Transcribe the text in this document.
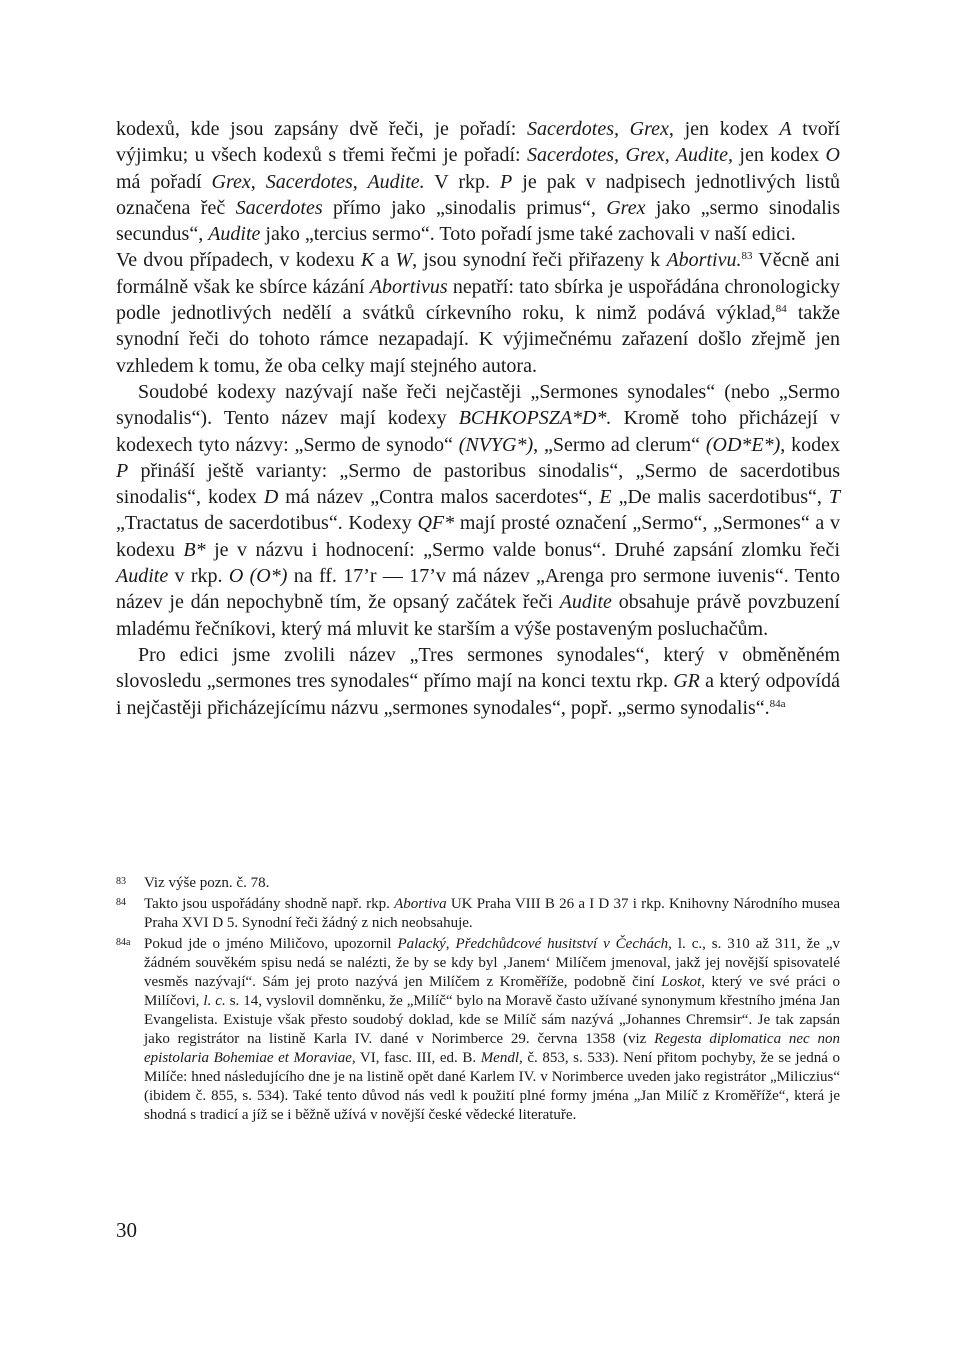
kodexů, kde jsou zapsány dvě řeči, je pořadí: Sacerdotes, Grex, jen kodex A tvoří výjimku; u všech kodexů s třemi řečmi je pořadí: Sacerdotes, Grex, Audite, jen kodex O má pořadí Grex, Sacerdotes, Audite. V rkp. P je pak v nadpisech jednotlivých listů označena řeč Sacerdotes přímo jako „sinodalis primus“, Grex jako „sermo sinodalis secundus“, Audite jako „tercius sermo“. Toto pořadí jsme také zachovali v naší edici.

Ve dvou případech, v kodexu K a W, jsou synodní řeči přiřazeny k Abortivu.$^{83}$ Věcně ani formálně však ke sbírce kázání Abortivus nepatří: tato sbírka je uspořádána chronologicky podle jednotlivých nedělí a svátků církevního roku, k nimž podává výklad,$^{84}$ takže synodní řeči do tohoto rámce nezapadají. K výjimečnému zařazení došlo zřejmě jen vzhledem k tomu, že oba celky mají stejného autora.

Soudobé kodexy nazývají naše řeči nejčastěji „Sermones synodales“ (nebo „Sermo synodalis“). Tento název mají kodexy BCHKOPSZA*D*. Kromě toho přicházejí v kodexech tyto názvy: „Sermo de synodo“ (NVYG*), „Sermo ad clerum“ (OD*E*), kodex P přináší ještě varianty: „Sermo de pastoribus sinodalis“, „Sermo de sacerdotibus sinodalis“, kodex D má název „Contra malos sacerdotes“, E „De malis sacerdotibus“, T „Tractatus de sacerdotibus“. Kodexy QF* mají prosté označení „Sermo“, „Sermones“ a v kodexu B* je v názvu i hodnocení: „Sermo valde bonus“. Druhé zapsání zlomku řeči Audite v rkp. O (O*) na ff. 17’r — 17’v má název „Arenga pro sermone iuvenis“. Tento název je dán nepochybně tím, že opsaný začátek řeči Audite obsahuje právě povzbuzení mladému řečníkovi, který má mluvit ke starším a výše postaveným posluchačům.

Pro edici jsme zvolili název „Tres sermones synodales“, který v obměněném slovosledu „sermones tres synodales“ přímo mají na konci textu rkp. GR a který odpovídá i nejčastěji přicházejícímu názvu „sermones synodales“, popř. „sermo synodalis“.$^{84a}$

83 Viz výše pozn. č. 78.
84 Takto jsou uspořádány shodně např. rkp. Abortiva UK Praha VIII B 26 a I D 37 i rkp. Knihovny Národního musea Praha XVI D 5. Synodní řeči žádný z nich neobsahuje.
84a Pokud jde o jméno Miličovo, upozornil Palacký, Předchůdcové husitství v Čechách, l. c., s. 310 až 311, že „v žádném souvěkém spisu nedá se nalézti, že by se kdy byl ‚Janem‘ Milíčem jmenoval, jakž jej novější spisovatelé vesměs nazývají“. Sám jej proto nazývá jen Milíčem z Kroměříže, podobně činí Loskot, který ve své práci o Milíčovi, l. c. s. 14, vyslovil domněnku, že „Milíč“ bylo na Moravě často užívané synonymum křestního jména Jan Evangelista. Existuje však přesto soudobý doklad, kde se Milíč sám nazývá „Johannes Chremsir“. Je tak zapsán jako registrátor na listině Karla IV. dané v Norimberce 29. června 1358 (viz Regesta diplomatica nec non epistolaria Bohemiae et Moraviae, VI, fasc. III, ed. B. Mendl, č. 853, s. 533). Není přitom pochyby, že se jedná o Milíče: hned následujícího dne je na listině opět dané Karlem IV. v Norimberce uveden jako registrátor „Miliczius“ (ibidem č. 855, s. 534). Také tento důvod nás vedl k použití plné formy jména „Jan Milíč z Kroměříže“, která je shodná s tradicí a jíž se i běžně užívá v novější české vědecké literatuře.
30
